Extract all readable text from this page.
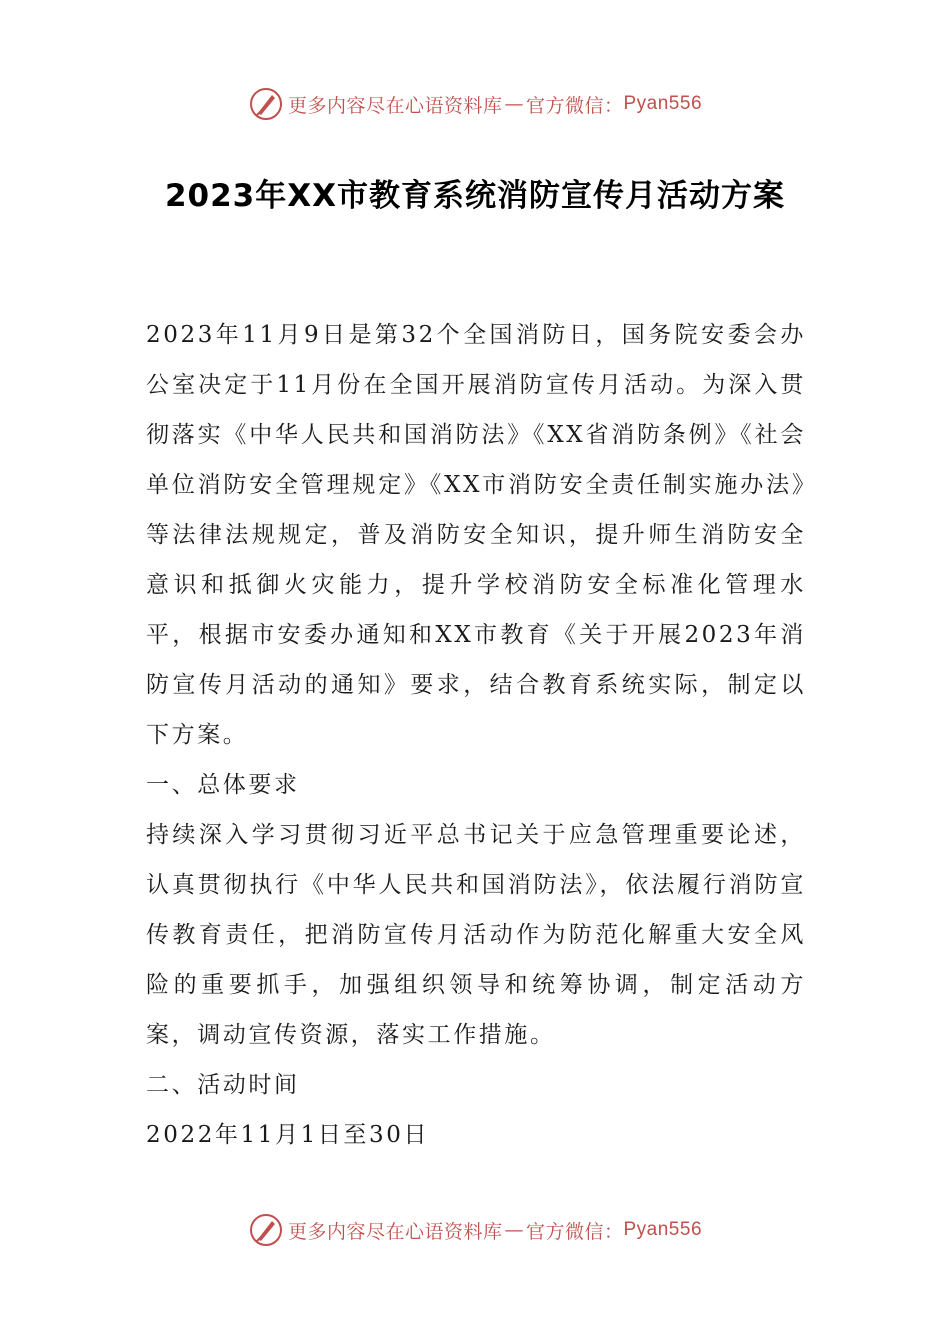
更多内容尽在心语资料库 — 官方微信： Pyan556
2023年XX市教育系统消防宣传月活动方案

2023年11月9日是第32个全国消防日，国务院安委会办公室决定于11月份在全国开展消防宣传月活动。为深入贯彻落实《中华人民共和国消防法》《XX省消防条例》《社会单位消防安全管理规定》《XX市消防安全责任制实施办法》等法律法规规定，普及消防安全知识，提升师生消防安全意识和抵御火灾能力，提升学校消防安全标准化管理水平，根据市安委办通知和XX市教育《关于开展2023年消防宣传月活动的通知》要求，结合教育系统实际，制定以下方案。

一、总体要求

持续深入学习贯彻习近平总书记关于应急管理重要论述，认真贯彻执行《中华人民共和国消防法》，依法履行消防宣传教育责任，把消防宣传月活动作为防范化解重大安全风险的重要抓手，加强组织领导和统筹协调，制定活动方案，调动宣传资源，落实工作措施。

二、活动时间

2022年11月1日至30日

更多内容尽在心语资料库 — 官方微信： Pyan556
